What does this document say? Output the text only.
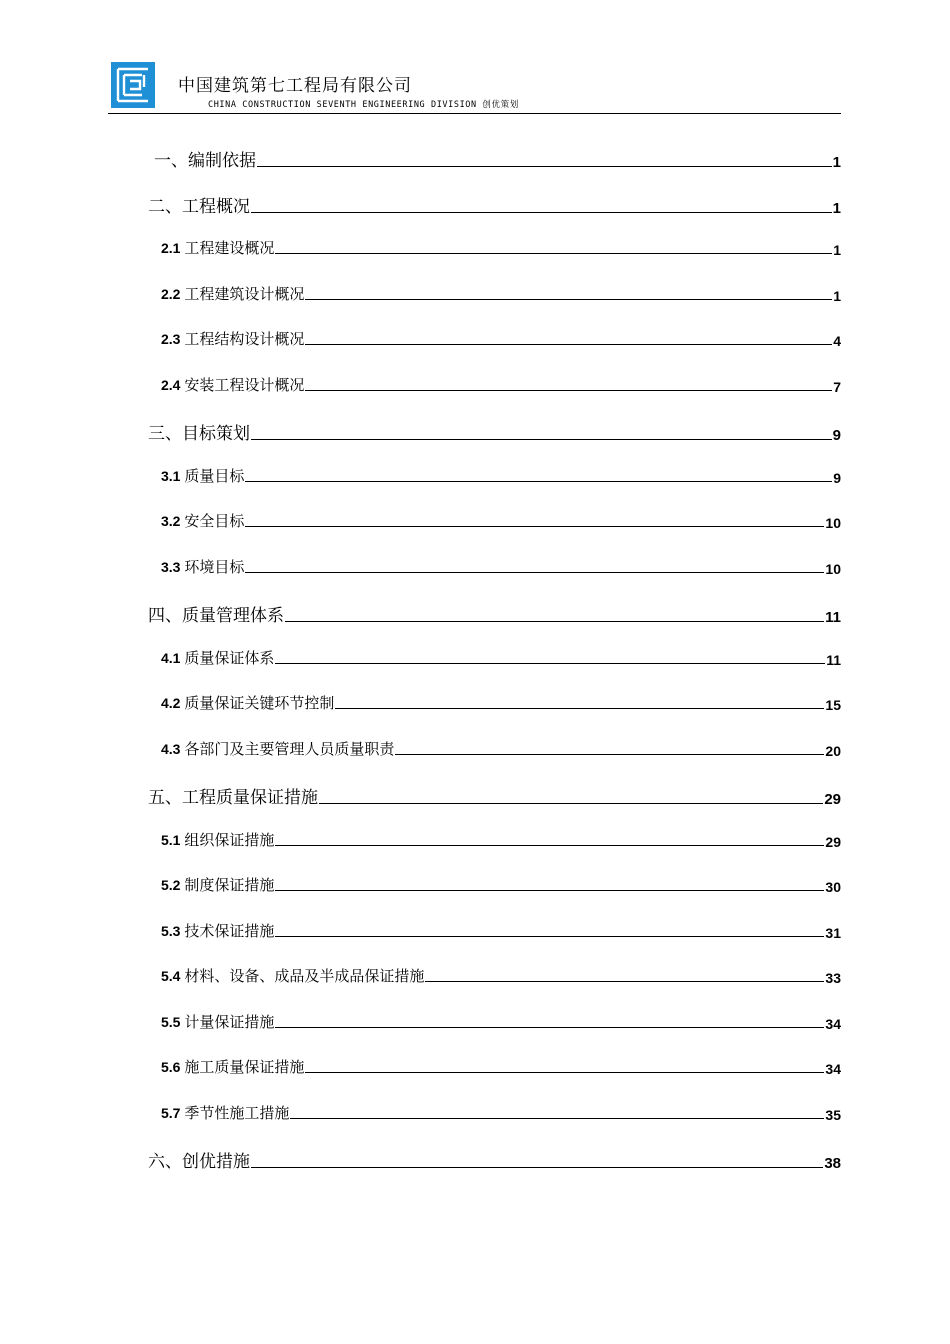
中国建筑第七工程局有限公司
CHINA CONSTRUCTION SEVENTH ENGINEERING DIVISION 创优策划
一、编制依据	1
二、工程概况	1
2.1 工程建设概况	1
2.2 工程建筑设计概况	1
2.3 工程结构设计概况	4
2.4 安装工程设计概况	7
三、目标策划	9
3.1 质量目标	9
3.2 安全目标	10
3.3 环境目标	10
四、质量管理体系	11
4.1 质量保证体系	11
4.2 质量保证关键环节控制	15
4.3 各部门及主要管理人员质量职责	20
五、工程质量保证措施	29
5.1 组织保证措施	29
5.2 制度保证措施	30
5.3 技术保证措施	31
5.4 材料、设备、成品及半成品保证措施	33
5.5 计量保证措施	34
5.6 施工质量保证措施	34
5.7 季节性施工措施	35
六、创优措施	38
